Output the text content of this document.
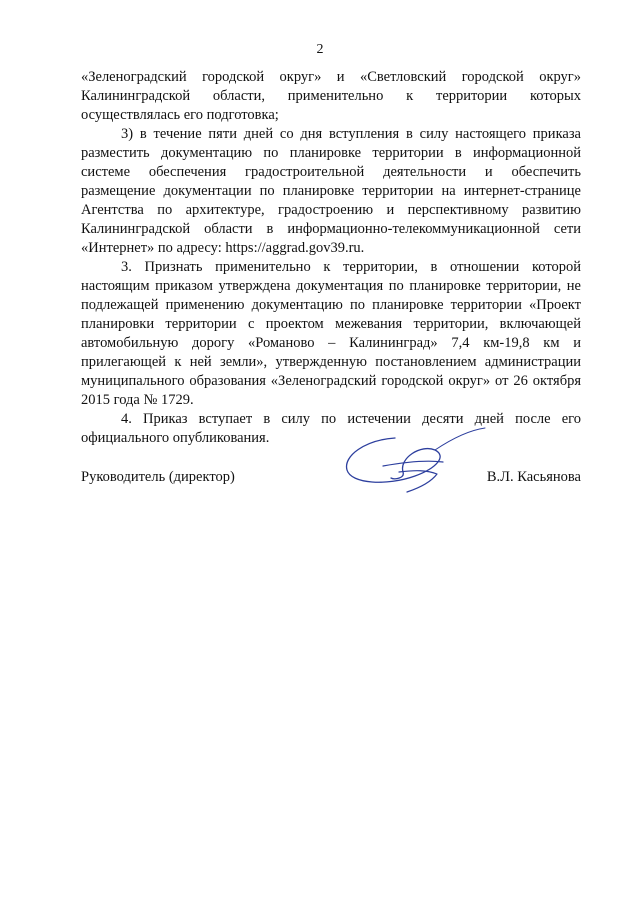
2

«Зеленоградский городской округ» и «Светловский городской округ» Калининградской области, применительно к территории которых осуществлялась его подготовка;

3) в течение пяти дней со дня вступления в силу настоящего приказа разместить документацию по планировке территории в информационной системе обеспечения градостроительной деятельности и обеспечить размещение документации по планировке территории на интернет-странице Агентства по архитектуре, градостроению и перспективному развитию Калининградской области в информационно-телекоммуникационной сети «Интернет» по адресу: https://aggrad.gov39.ru.

3. Признать применительно к территории, в отношении которой настоящим приказом утверждена документация по планировке территории, не подлежащей применению документацию по планировке территории «Проект планировки территории с проектом межевания территории, включающей автомобильную дорогу «Романово – Калининград» 7,4 км-19,8 км и прилегающей к ней земли», утвержденную постановлением администрации муниципального образования «Зеленоградский городской округ» от 26 октября 2015 года № 1729.

4. Приказ вступает в силу по истечении десяти дней после его официального опубликования.

Руководитель (директор)	В.Л. Касьянова
